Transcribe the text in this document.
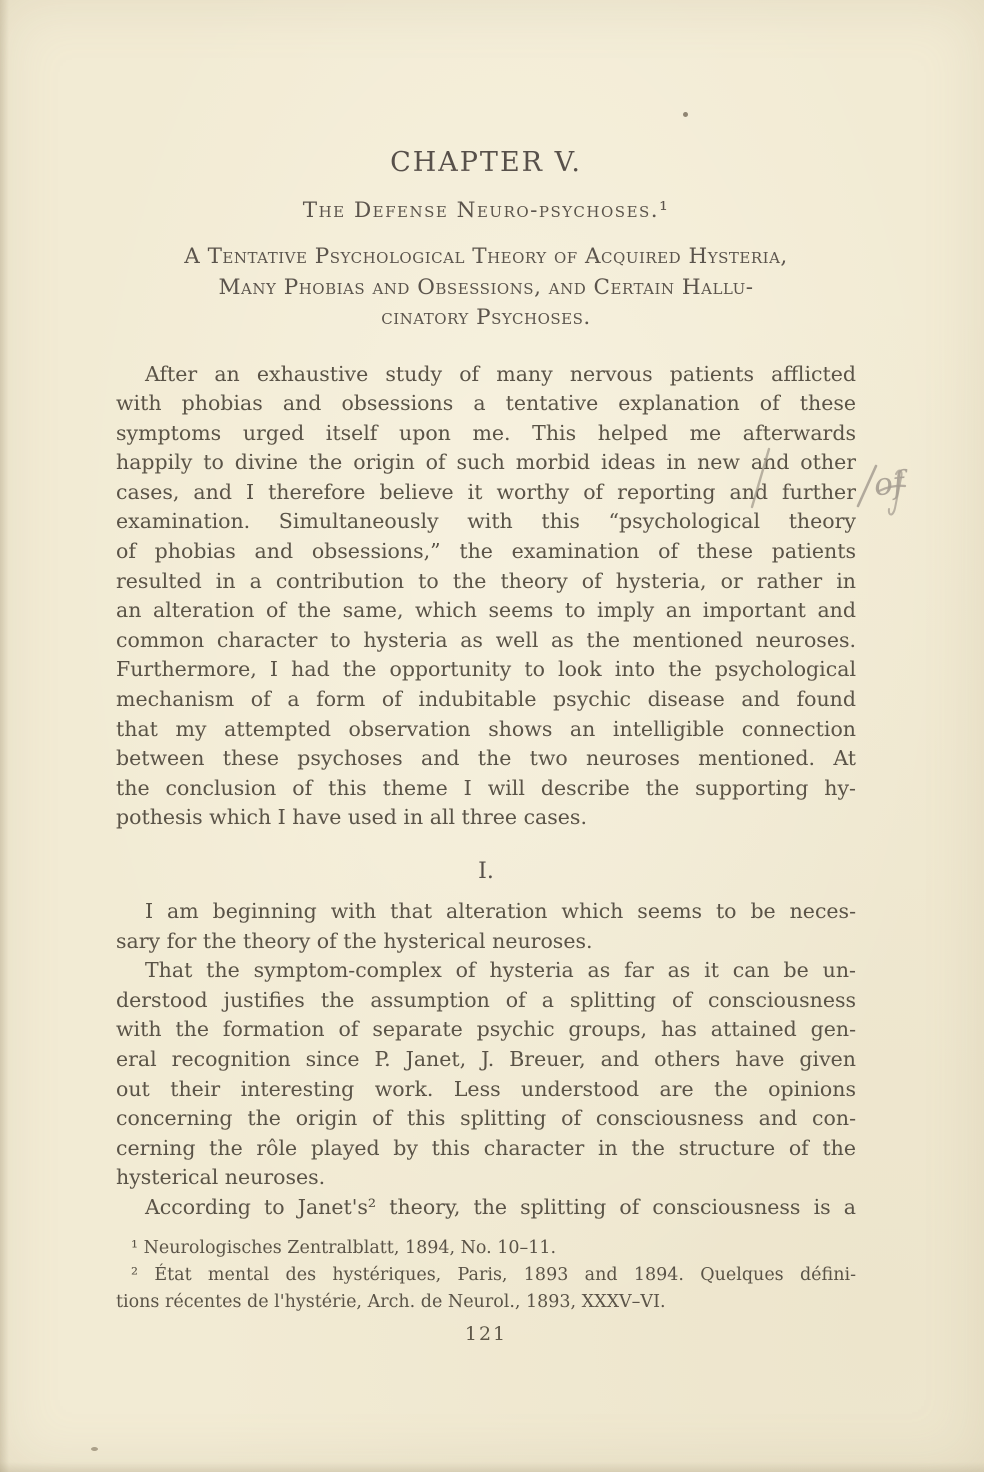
CHAPTER V.
The Defense Neuro-psychoses.¹
A Tentative Psychological Theory of Acquired Hysteria,
Many Phobias and Obsessions, and Certain Hallu-
cinatory Psychoses.
After an exhaustive study of many nervous patients afflicted
with phobias and obsessions a tentative explanation of these
symptoms urged itself upon me. This helped me afterwards
happily to divine the origin of such morbid ideas in new and other
cases, and I therefore believe it worthy of reporting and further
examination. Simultaneously with this “psychological theory
of phobias and obsessions,” the examination of these patients
resulted in a contribution to the theory of hysteria, or rather in
an alteration of the same, which seems to imply an important and
common character to hysteria as well as the mentioned neuroses.
Furthermore, I had the opportunity to look into the psychological
mechanism of a form of indubitable psychic disease and found
that my attempted observation shows an intelligible connection
between these psychoses and the two neuroses mentioned. At
the conclusion of this theme I will describe the supporting hy-
pothesis which I have used in all three cases.
I.
I am beginning with that alteration which seems to be neces-
sary for the theory of the hysterical neuroses.
That the symptom-complex of hysteria as far as it can be un-
derstood justifies the assumption of a splitting of consciousness
with the formation of separate psychic groups, has attained gen-
eral recognition since P. Janet, J. Breuer, and others have given
out their interesting work. Less understood are the opinions
concerning the origin of this splitting of consciousness and con-
cerning the rôle played by this character in the structure of the
hysterical neuroses.
According to Janet's² theory, the splitting of consciousness is a
¹ Neurologisches Zentralblatt, 1894, No. 10–11.
² État mental des hystériques, Paris, 1893 and 1894. Quelques défini-
tions récentes de l'hystérie, Arch. de Neurol., 1893, XXXV–VI.
121
of
